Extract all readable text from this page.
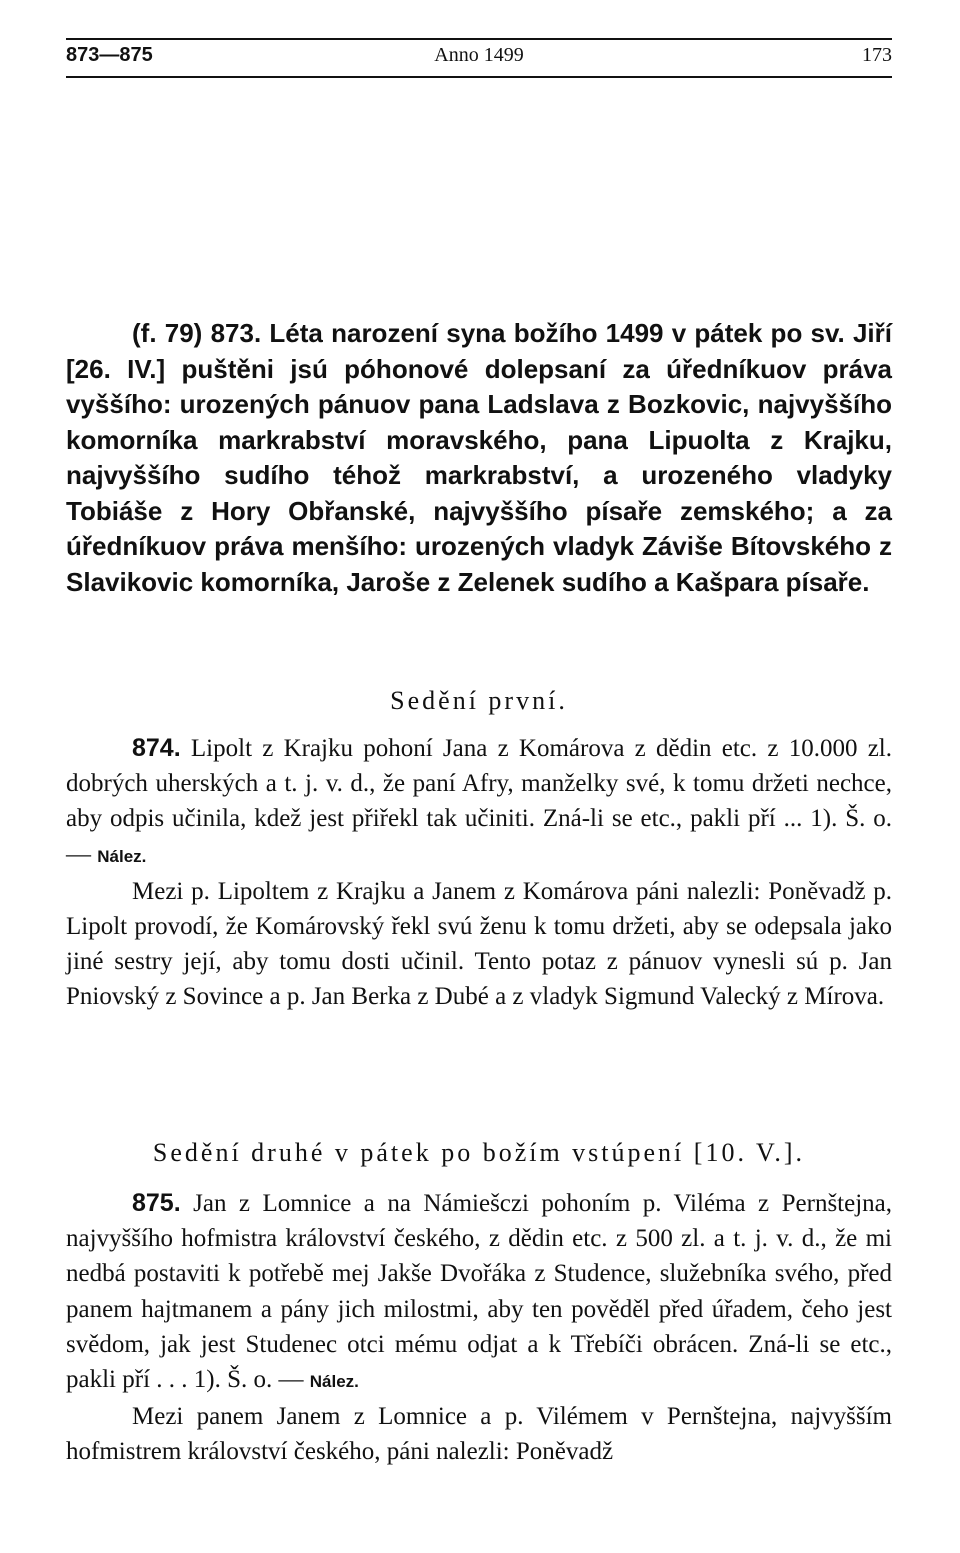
873—875	Anno 1499	173

(f. 79) 873. Léta narození syna božího 1499 v pátek po sv. Jiří [26. IV.] puštěni jsú póhonové dolepsaní za úředníkuov práva vyššího: urozených pánuov pana Ladslava z Bozkovic, najvyššího komorníka markrabství moravského, pana Lipuolta z Krajku, najvyššího sudího téhož markrabství, a urozeného vladyky Tobiáše z Hory Obřanské, najvyššího písaře zemského; a za úředníkuov práva menšího: urozených vladyk Záviše Bítovského z Slavikovic komorníka, Jaroše z Zelenek sudího a Kašpara písaře.

Sedění první.

874. Lipolt z Krajku pohoní Jana z Komárova z dědin etc. z 10.000 zl. dobrých uherských a t. j. v. d., že paní Afry, manželky své, k tomu držeti nechce, aby odpis učinila, kdež jest přiřekl tak učiniti. Zná-li se etc., pakli pří ... 1). Š. o. — Nález.

Mezi p. Lipoltem z Krajku a Janem z Komárova páni nalezli: Poněvadž p. Lipolt provodí, že Komárovský řekl svú ženu k tomu držeti, aby se odepsala jako jiné sestry její, aby tomu dosti učinil. Tento potaz z pánuov vynesli sú p. Jan Pniovský z Sovince a p. Jan Berka z Dubé a z vladyk Sigmund Valecký z Mírova.

Sedění druhé v pátek po božím vstúpení [10. V.].

875. Jan z Lomnice a na Námiešczi pohoním p. Viléma z Pernštejna, najvyššího hofmistra království českého, z dědin etc. z 500 zl. a t. j. v. d., že mi nedbá postaviti k potřebě mej Jakše Dvořáka z Studence, služebníka svého, před panem hajtmanem a pány jich milostmi, aby ten pověděl před úřadem, čeho jest svědom, jak jest Studenec otci mému odjat a k Třebíči obrácen. Zná-li se etc., pakli pří . . . 1). Š. o. — Nález.

Mezi panem Janem z Lomnice a p. Vilémem v Pernštejna, najvyšším hofmistrem království českého, páni nalezli: Poněvadž
